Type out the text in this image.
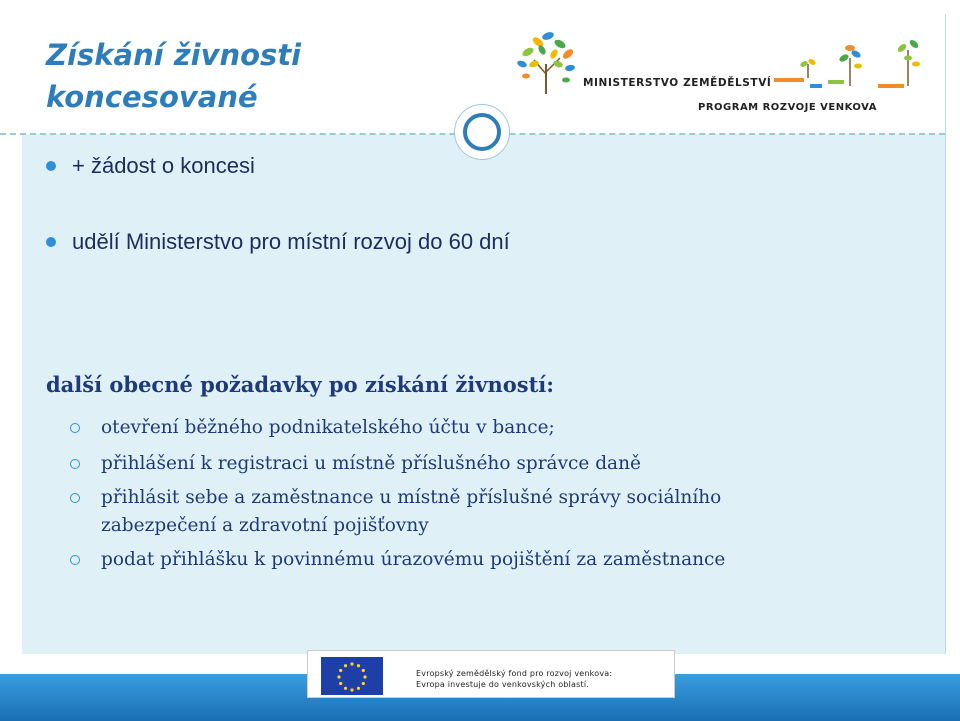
Získání živnosti
koncesované	MINISTERSTVO ZEMĚDĚLSTVÍ
PROGRAM ROZVOJE VENKOVA
+ žádost o koncesi
udělí Ministerstvo pro místní rozvoj do 60 dní
další obecné požadavky po získání živností:
otevření běžného podnikatelského účtu v bance;
přihlášení k registraci u místně příslušného správce daně
přihlásit sebe a zaměstnance u místně příslušné správy sociálního
zabezpečení a zdravotní pojišťovny
podat přihlášku k povinnému úrazovému pojištění za zaměstnance
Evropský zemědělský fond pro rozvoj venkova:
Evropa investuje do venkovských oblastí.
